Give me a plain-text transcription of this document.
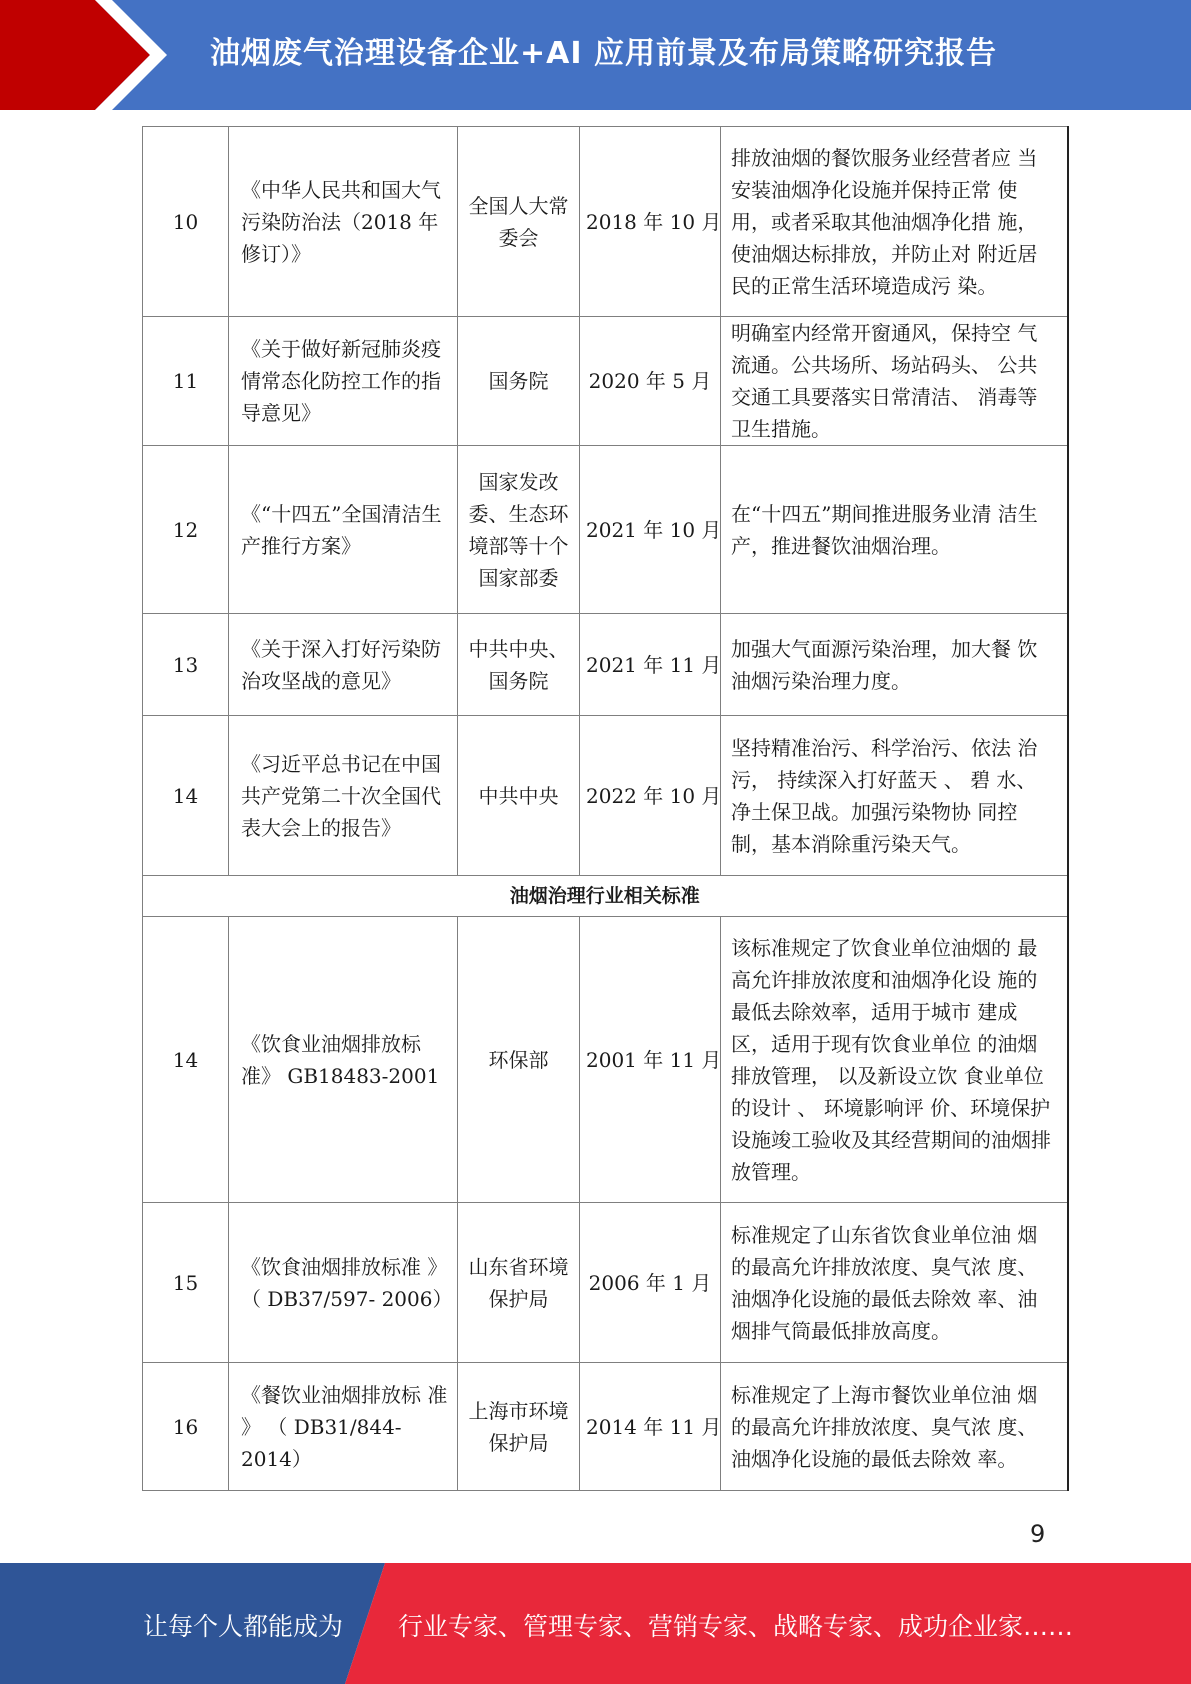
油烟废气治理设备企业+AI 应用前景及布局策略研究报告
10	《中华人民共和国大气污染防治法（2018 年修订）》	全国人大常委会	2018 年 10 月	排放油烟的餐饮服务业经营者应 当安装油烟净化设施并保持正常 使用，或者采取其他油烟净化措 施，使油烟达标排放，并防止对 附近居民的正常生活环境造成污 染。
11	《关于做好新冠肺炎疫情常态化防控工作的指导意见》	国务院	2020 年 5 月	明确室内经常开窗通风，保持空 气流通。公共场所、场站码头、 公共交通工具要落实日常清洁、 消毒等卫生措施。
12	《“十四五”全国清洁生产推行方案》	国家发改委、生态环境部等十个国家部委	2021 年 10 月	在“十四五”期间推进服务业清 洁生产，推进餐饮油烟治理。
13	《关于深入打好污染防治攻坚战的意见》	中共中央、国务院	2021 年 11 月	加强大气面源污染治理，加大餐 饮油烟污染治理力度。
14	《习近平总书记在中国共产党第二十次全国代表大会上的报告》	中共中央	2022 年 10 月	坚持精准治污、科学治污、依法 治污， 持续深入打好蓝天 、 碧 水、净土保卫战。加强污染物协 同控制，基本消除重污染天气。
油烟治理行业相关标准				
14	《饮食业油烟排放标 准》 GB18483-2001	环保部	2001 年 11 月	该标准规定了饮食业单位油烟的 最高允许排放浓度和油烟净化设 施的最低去除效率，适用于城市 建成区，适用于现有饮食业单位 的油烟排放管理， 以及新设立饮 食业单位的设计 、 环境影响评 价、环境保护设施竣工验收及其经营期间的油烟排放管理。
15	《饮食油烟排放标准 》 （ DB37/597- 2006）	山东省环境保护局	2006 年 1 月	标准规定了山东省饮食业单位油 烟的最高允许排放浓度、臭气浓 度、油烟净化设施的最低去除效 率、油烟排气筒最低排放高度。
16	《餐饮业油烟排放标 准 》 （ DB31/844- 2014）	上海市环境保护局	2014 年 11 月	标准规定了上海市餐饮业单位油 烟的最高允许排放浓度、臭气浓 度、油烟净化设施的最低去除效 率。
9
让每个人都能成为 行业专家、管理专家、营销专家、战略专家、成功企业家……
